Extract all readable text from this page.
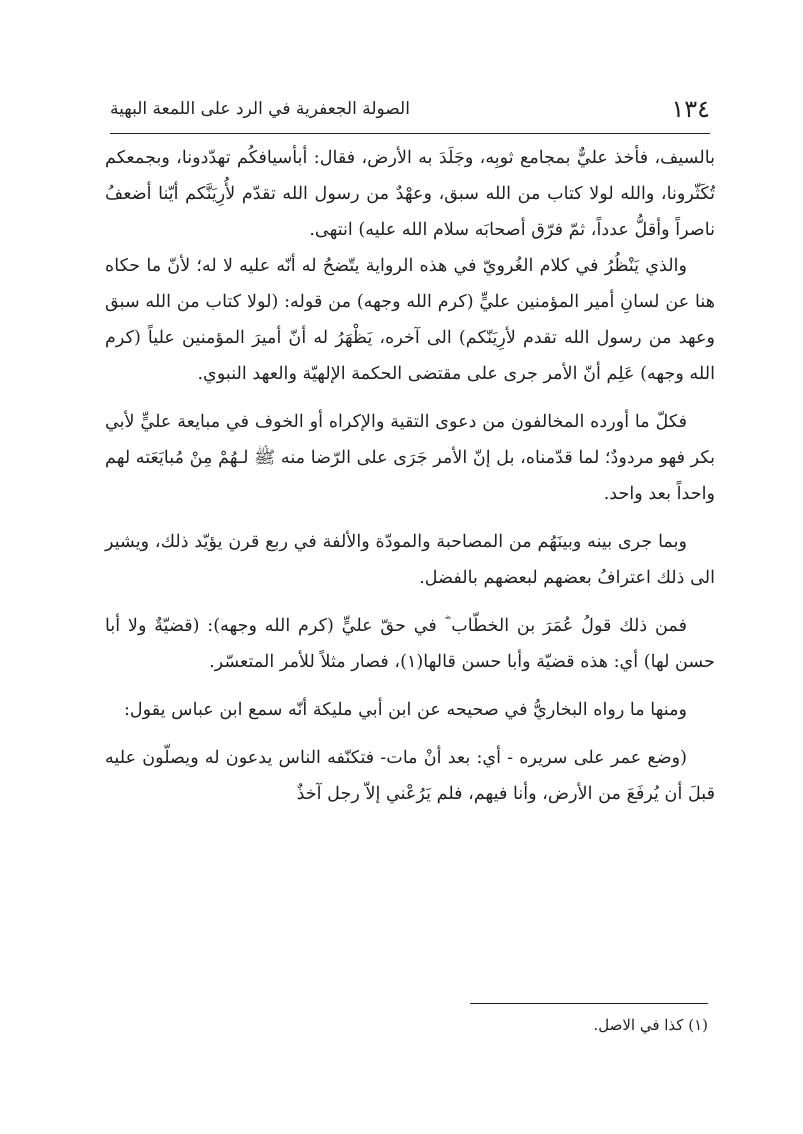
١٣٤
الصولة الجعفرية في الرد على اللمعة البهية

بالسيف، فأخذ عليٌّ بمجامع ثوبِه، وجَلَدَ به الأرض، فقال: أبأسيافكُم تهدّدونا، وبجمعكم تُكَثّرونا، والله لولا كتاب من الله سبق، وعهْدٌ من رسول الله تقدّم لأُرِيَنَّكم أيّنا أضعفُ ناصراً وأقلُّ عدداً، ثمّ فرّق أصحابَه سلام الله عليه) انتهى.

والذي يَنْظُرُ في كلام الغُرويّ في هذه الرواية يتّضحُ له أنّه عليه لا له؛ لأنّ ما حكاه هنا عن لسانِ أمير المؤمنين عليٍّ (كرم الله وجهه) من قوله: (لولا كتاب من الله سبق وعهد من رسول الله تقدم لأرِيَنّكم) الى آخره، يَظْهَرُ له أنّ أميرَ المؤمنين علياً (كرم الله وجهه) عَلِم أنّ الأمر جرى على مقتضى الحكمة الإلهيّة والعهد النبوي.

فكلّ ما أورده المخالفون من دعوى التقية والإكراه أو الخوف في مبايعة عليٍّ لأبي بكر فهو مردودٌ؛ لما قدّمناه، بل إنّ الأمر جَرَى على الرّضا منه ﷺ لـهُمْ مِنْ مُبايَعَته لهم واحداً بعد واحد.

وبما جرى بينه وبينَهُم من المصاحبة والمودّة والألفة في ربع قرن يؤيّد ذلك، ويشير الى ذلك اعترافُ بعضهم لبعضهم بالفضل.

فمن ذلك قولُ عُمَرَ بن الخطّاب ؓ في حقّ عليٍّ (كرم الله وجهه): (قضيّةٌ ولا أبا حسن لها) أي: هذه قضيّة وأبا حسن قالها(١)، فصار مثلاً للأمر المتعسّر.

ومنها ما رواه البخاريُّ في صحيحه عن ابن أبي مليكة أنّه سمع ابن عباس يقول:

(وضع عمر على سريره - أي: بعد أنْ مات- فتكنّفه الناس يدعون له ويصلّون عليه قبلَ أن يُرفَعَ من الأرض، وأنا فيهم، فلم يَرُعْني إلاّ رجل آخذٌ

(١) كذا في الاصل.
